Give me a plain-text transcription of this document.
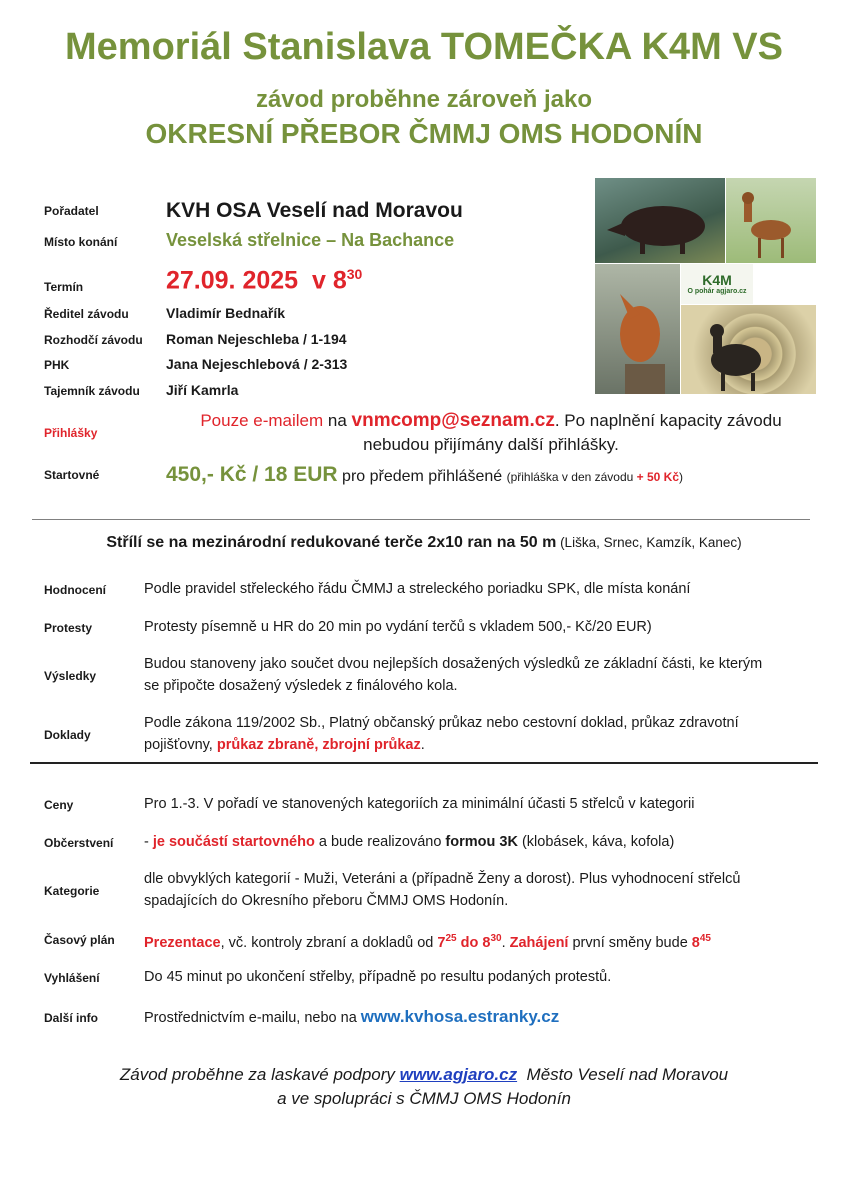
Memoriál Stanislava TOMEČKA K4M VS
závod proběhne zároveň jako
OKRESNÍ PŘEBOR ČMMJ OMS HODONÍN
Pořadatel	KVH OSA Veselí nad Moravou
Místo konání	Veselská střelnice – Na Bachance
Termín	27.09. 2025 v $8^{30}$
Ředitel závodu	Vladimír Bednařík
Rozhodčí závodu Roman Nejeschleba / 1-194
PHK	Jana Nejeschlebová / 2-313
Tajemník závodu Jiří Kamrla
Přihlášky
Pouze e-mailem na vnmcomp@seznam.cz. Po naplnění kapacity závodu
nebudou přijímány další přihlášky.
Startovné	450,- Kč / 18 EUR pro předem přihlášené (přihláška v den závodu + 50 Kč)
K4M
O pohár agjaro.cz
Střílí se na mezinárodní redukované terče 2x10 ran na 50 m (Liška, Srnec, Kamzík, Kanec)
Hodnocení	Podle pravidel střeleckého řádu ČMMJ a streleckého poriadku SPK, dle místa konání
Protesty	Protesty písemně u HR do 20 min po vydání terčů s vkladem 500,- Kč/20 EUR)
Výsledky
Budou stanoveny jako součet dvou nejlepších dosažených výsledků ze základní části, ke kterým
se připočte dosažený výsledek z finálového kola.
Doklady
Podle zákona 119/2002 Sb., Platný občanský průkaz nebo cestovní doklad, průkaz zdravotní
pojišťovny, průkaz zbraně, zbrojní průkaz.
Ceny	Pro 1.-3. V pořadí ve stanovených kategoriích za minimální účasti 5 střelců v kategorii
Občerstvení - je součástí startovného a bude realizováno formou 3K (klobásek, káva, kofola)
Kategorie
dle obvyklých kategorií - Muži, Veteráni a (případně Ženy a dorost). Plus vyhodnocení střelců
spadajících do Okresního přeboru ČMMJ OMS Hodonín.
Časový plán Prezentace, vč. kontroly zbraní a dokladů od $7^{25}$ do $8^{30}$. Zahájení první směny bude $8^{45}$
Vyhlášení	Do 45 minut po ukončení střelby, případně po resultu podaných protestů.
Další info	Prostřednictvím e-mailu, nebo na www.kvhosa.estranky.cz
Závod proběhne za laskavé podpory www.agjaro.cz  Město Veselí nad Moravou
a ve spolupráci s ČMMJ OMS Hodonín
